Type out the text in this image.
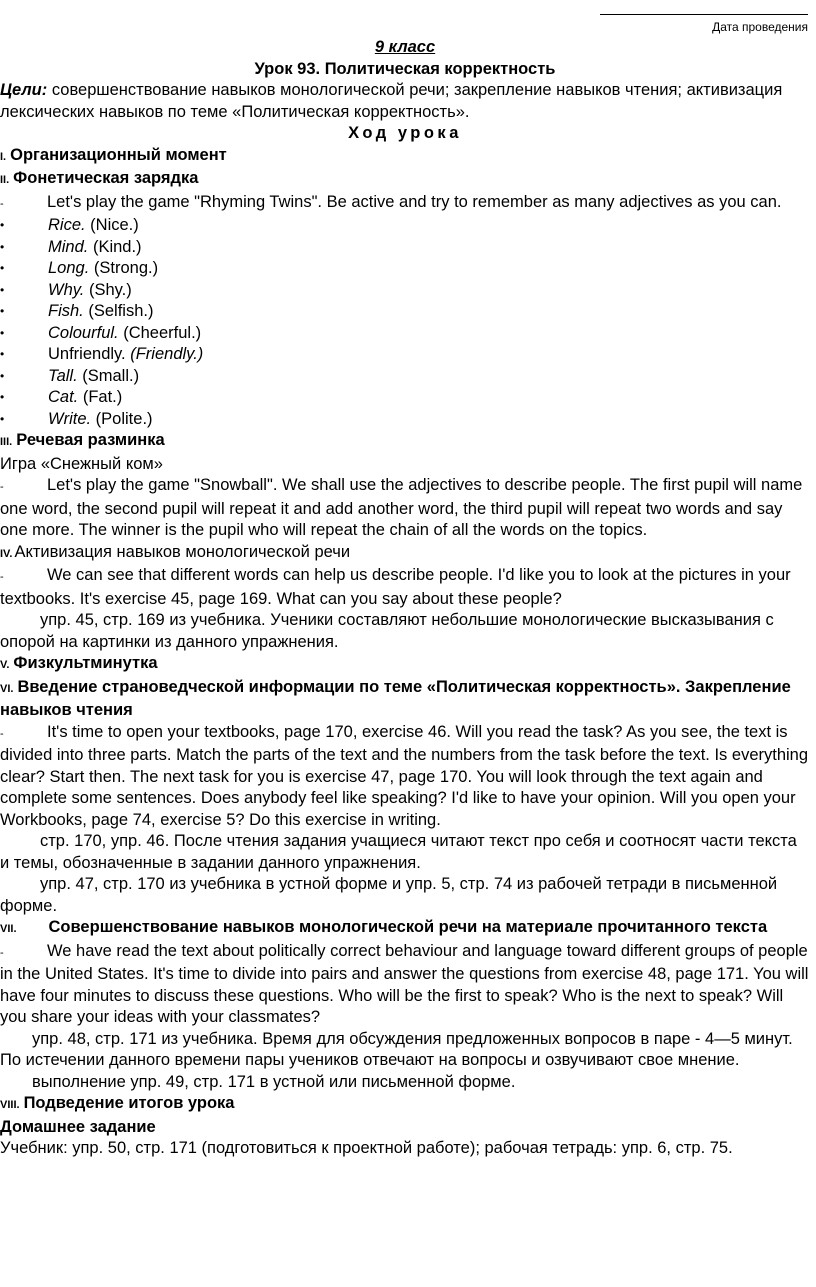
Дата проведения

9 класс

Урок 93. Политическая корректность

Цели: совершенствование навыков монологической речи; закрепление навыков чтения; активизация лексических навыков по теме «Политическая корректность».

Ход урока

I. Организационный момент

II. Фонетическая зарядка

-	Let's play the game "Rhyming Twins". Be active and try to remember as many adjectives as you can.

•	Rice. (Nice.)
•	Mind. (Kind.)
•	Long. (Strong.)
•	Why. (Shy.)
•	Fish. (Selfish.)
•	Colourful. (Cheerful.)
•	Unfriendly. (Friendly.)
•	Tall. (Small.)
•	Cat. (Fat.)
•	Write. (Polite.)

III. Речевая разминка

Игра «Снежный ком»

-	Let's play the game "Snowball". We shall use the adjectives to describe people. The first pupil will name one word, the second pupil will repeat it and add another word, the third pupil will repeat two words and say one more. The winner is the pupil who will repeat the chain of all the words on the topics.

IV. Активизация навыков монологической речи

-	We can see that different words can help us describe people. I'd like you to look at the pictures in your textbooks. It's exercise 45, page 169. What can you say about these people?

упр. 45, стр. 169 из учебника. Ученики составляют небольшие монологические высказывания с опорой на картинки из данного упражнения.

V. Физкультминутка

VI. Введение страноведческой информации по теме «Политическая корректность». Закрепление навыков чтения

-	It's time to open your textbooks, page 170, exercise 46. Will you read the task? As you see, the text is divided into three parts. Match the parts of the text and the numbers from the task before the text. Is everything clear? Start then. The next task for you is exercise 47, page 170. You will look through the text again and complete some sentences. Does anybody feel like speaking? I'd like to have your opinion. Will you open your Workbooks, page 74, exercise 5? Do this exercise in writing.

стр. 170, упр. 46. После чтения задания учащиеся читают текст про себя и соотносят части текста и темы, обозначенные в задании данного упражнения.

упр. 47, стр. 170 из учебника в устной форме и упр. 5, стр. 74 из рабочей тетради в письменной форме.

VII. Совершенствование навыков монологической речи на материале прочитанного текста

-	We have read the text about politically correct behaviour and language toward different groups of people in the United States. It's time to divide into pairs and answer the questions from exercise 48, page 171. You will have four minutes to discuss these questions. Who will be the first to speak? Who is the next to speak? Will you share your ideas with your classmates?

упр. 48, стр. 171 из учебника. Время для обсуждения предложенных вопросов в паре - 4—5 минут. По истечении данного времени пары учеников отвечают на вопросы и озвучивают свое мнение.

выполнение упр. 49, стр. 171 в устной или письменной форме.

VIII. Подведение итогов урока

Домашнее задание

Учебник: упр. 50, стр. 171 (подготовиться к проектной работе); рабочая тетрадь: упр. 6, стр. 75.
